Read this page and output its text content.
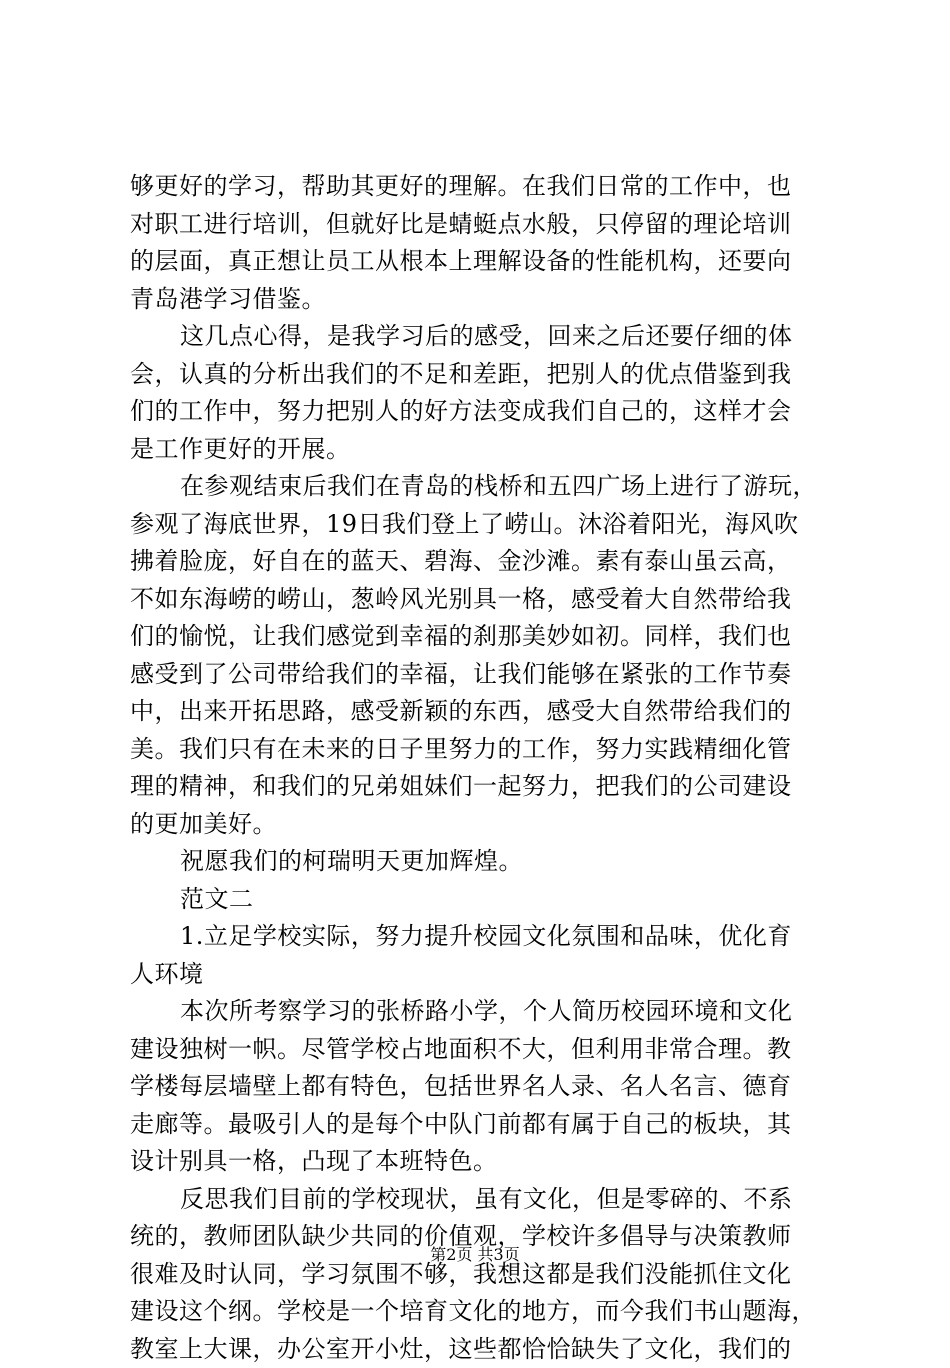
够更好的学习，帮助其更好的理解。在我们日常的工作中，也
对职工进行培训，但就好比是蜻蜓点水般，只停留的理论培训
的层面，真正想让员工从根本上理解设备的性能机构，还要向
青岛港学习借鉴。
这几点心得，是我学习后的感受，回来之后还要仔细的体
会，认真的分析出我们的不足和差距，把别人的优点借鉴到我
们的工作中，努力把别人的好方法变成我们自己的，这样才会
是工作更好的开展。
在参观结束后我们在青岛的栈桥和五四广场上进行了游玩，
参观了海底世界，19日我们登上了崂山。沐浴着阳光，海风吹
拂着脸庞，好自在的蓝天、碧海、金沙滩。素有泰山虽云高，
不如东海崂的崂山，葱岭风光别具一格，感受着大自然带给我
们的愉悦，让我们感觉到幸福的刹那美妙如初。同样，我们也
感受到了公司带给我们的幸福，让我们能够在紧张的工作节奏
中，出来开拓思路，感受新颖的东西，感受大自然带给我们的
美。我们只有在未来的日子里努力的工作，努力实践精细化管
理的精神，和我们的兄弟姐妹们一起努力，把我们的公司建设
的更加美好。
祝愿我们的柯瑞明天更加辉煌。
范文二
1.立足学校实际，努力提升校园文化氛围和品味，优化育
人环境
本次所考察学习的张桥路小学，个人简历校园环境和文化
建设独树一帜。尽管学校占地面积不大，但利用非常合理。教
学楼每层墙壁上都有特色，包括世界名人录、名人名言、德育
走廊等。最吸引人的是每个中队门前都有属于自己的板块，其
设计别具一格，凸现了本班特色。
反思我们目前的学校现状，虽有文化，但是零碎的、不系
统的，教师团队缺少共同的价值观，学校许多倡导与决策教师
很难及时认同，学习氛围不够，我想这都是我们没能抓住文化
建设这个纲。学校是一个培育文化的地方，而今我们书山题海，
教室上大课，办公室开小灶，这些都恰恰缺失了文化，我们的
第2页 共3页
